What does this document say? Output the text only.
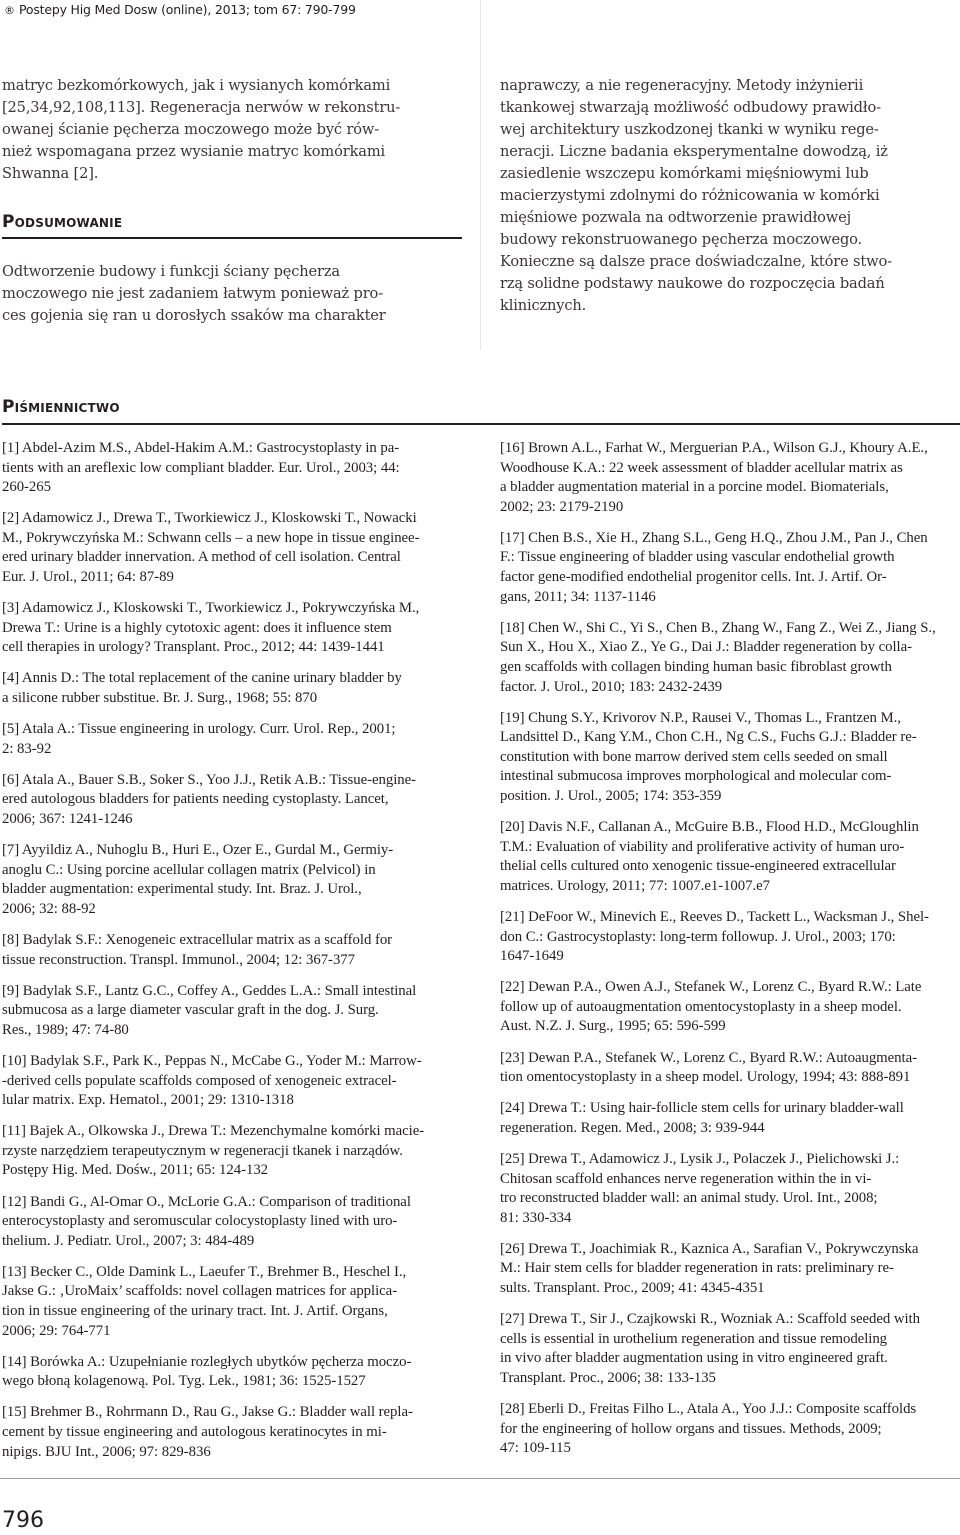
® Postepy Hig Med Dosw (online), 2013; tom 67: 790-799
matryc bezkomórkowych, jak i wysianych komórkami
[25,34,92,108,113]. Regeneracja nerwów w rekonstru-
owanej ścianie pęcherza moczowego może być rów-
nież wspomagana przez wysianie matryc komórkami
Shwanna [2].
Podsumowanie
Odtworzenie budowy i funkcji ściany pęcherza
moczowego nie jest zadaniem łatwym ponieważ pro-
ces gojenia się ran u dorosłych ssaków ma charakter
naprawczy, a nie regeneracyjny. Metody inżynierii
tkankowej stwarzają możliwość odbudowy prawidło-
wej architektury uszkodzonej tkanki w wyniku rege-
neracji. Liczne badania eksperymentalne dowodzą, iż
zasiedlenie wszczepu komórkami mięśniowymi lub
macierzystymi zdolnymi do różnicowania w komórki
mięśniowe pozwala na odtworzenie prawidłowej
budowy rekonstruowanego pęcherza moczowego.
Konieczne są dalsze prace doświadczalne, które stwo-
rzą solidne podstawy naukowe do rozpoczęcia badań
klinicznych.
Piśmiennictwo
[1] Abdel-Azim M.S., Abdel-Hakim A.M.: Gastrocystoplasty in pa-
tients with an areflexic low compliant bladder. Eur. Urol., 2003; 44:
260-265
[2] Adamowicz J., Drewa T., Tworkiewicz J., Kloskowski T., Nowacki
M., Pokrywczyńska M.: Schwann cells – a new hope in tissue enginee-
ered urinary bladder innervation. A method of cell isolation. Central
Eur. J. Urol., 2011; 64: 87-89
[3] Adamowicz J., Kloskowski T., Tworkiewicz J., Pokrywczyńska M.,
Drewa T.: Urine is a highly cytotoxic agent: does it influence stem
cell therapies in urology? Transplant. Proc., 2012; 44: 1439-1441
[4] Annis D.: The total replacement of the canine urinary bladder by
a silicone rubber substitue. Br. J. Surg., 1968; 55: 870
[5] Atala A.: Tissue engineering in urology. Curr. Urol. Rep., 2001;
2: 83-92
[6] Atala A., Bauer S.B., Soker S., Yoo J.J., Retik A.B.: Tissue-engine-
ered autologous bladders for patients needing cystoplasty. Lancet,
2006; 367: 1241-1246
[7] Ayyildiz A., Nuhoglu B., Huri E., Ozer E., Gurdal M., Germiy-
anoglu C.: Using porcine acellular collagen matrix (Pelvicol) in
bladder augmentation: experimental study. Int. Braz. J. Urol.,
2006; 32: 88-92
[8] Badylak S.F.: Xenogeneic extracellular matrix as a scaffold for
tissue reconstruction. Transpl. Immunol., 2004; 12: 367-377
[9] Badylak S.F., Lantz G.C., Coffey A., Geddes L.A.: Small intestinal
submucosa as a large diameter vascular graft in the dog. J. Surg.
Res., 1989; 47: 74-80
[10] Badylak S.F., Park K., Peppas N., McCabe G., Yoder M.: Marrow-
-derived cells populate scaffolds composed of xenogeneic extracel-
lular matrix. Exp. Hematol., 2001; 29: 1310-1318
[11] Bajek A., Olkowska J., Drewa T.: Mezenchymalne komórki macie-
rzyste narzędziem terapeutycznym w regeneracji tkanek i narządów.
Postępy Hig. Med. Dośw., 2011; 65: 124-132
[12] Bandi G., Al-Omar O., McLorie G.A.: Comparison of traditional
enterocystoplasty and seromuscular colocystoplasty lined with uro-
thelium. J. Pediatr. Urol., 2007; 3: 484-489
[13] Becker C., Olde Damink L., Laeufer T., Brehmer B., Heschel I.,
Jakse G.: ‚UroMaix’ scaffolds: novel collagen matrices for applica-
tion in tissue engineering of the urinary tract. Int. J. Artif. Organs,
2006; 29: 764-771
[14] Borówka A.: Uzupełnianie rozległych ubytków pęcherza moczo-
wego błoną kolagenową. Pol. Tyg. Lek., 1981; 36: 1525-1527
[15] Brehmer B., Rohrmann D., Rau G., Jakse G.: Bladder wall repla-
cement by tissue engineering and autologous keratinocytes in mi-
nipigs. BJU Int., 2006; 97: 829-836
[16] Brown A.L., Farhat W., Merguerian P.A., Wilson G.J., Khoury A.E.,
Woodhouse K.A.: 22 week assessment of bladder acellular matrix as
a bladder augmentation material in a porcine model. Biomaterials,
2002; 23: 2179-2190
[17] Chen B.S., Xie H., Zhang S.L., Geng H.Q., Zhou J.M., Pan J., Chen
F.: Tissue engineering of bladder using vascular endothelial growth
factor gene-modified endothelial progenitor cells. Int. J. Artif. Or-
gans, 2011; 34: 1137-1146
[18] Chen W., Shi C., Yi S., Chen B., Zhang W., Fang Z., Wei Z., Jiang S.,
Sun X., Hou X., Xiao Z., Ye G., Dai J.: Bladder regeneration by colla-
gen scaffolds with collagen binding human basic fibroblast growth
factor. J. Urol., 2010; 183: 2432-2439
[19] Chung S.Y., Krivorov N.P., Rausei V., Thomas L., Frantzen M.,
Landsittel D., Kang Y.M., Chon C.H., Ng C.S., Fuchs G.J.: Bladder re-
constitution with bone marrow derived stem cells seeded on small
intestinal submucosa improves morphological and molecular com-
position. J. Urol., 2005; 174: 353-359
[20] Davis N.F., Callanan A., McGuire B.B., Flood H.D., McGloughlin
T.M.: Evaluation of viability and proliferative activity of human uro-
thelial cells cultured onto xenogenic tissue-engineered extracellular
matrices. Urology, 2011; 77: 1007.e1-1007.e7
[21] DeFoor W., Minevich E., Reeves D., Tackett L., Wacksman J., Shel-
don C.: Gastrocystoplasty: long-term followup. J. Urol., 2003; 170:
1647-1649
[22] Dewan P.A., Owen A.J., Stefanek W., Lorenz C., Byard R.W.: Late
follow up of autoaugmentation omentocystoplasty in a sheep model.
Aust. N.Z. J. Surg., 1995; 65: 596-599
[23] Dewan P.A., Stefanek W., Lorenz C., Byard R.W.: Autoaugmenta-
tion omentocystoplasty in a sheep model. Urology, 1994; 43: 888-891
[24] Drewa T.: Using hair-follicle stem cells for urinary bladder-wall
regeneration. Regen. Med., 2008; 3: 939-944
[25] Drewa T., Adamowicz J., Lysik J., Polaczek J., Pielichowski J.:
Chitosan scaffold enhances nerve regeneration within the in vi-
tro reconstructed bladder wall: an animal study. Urol. Int., 2008;
81: 330-334
[26] Drewa T., Joachimiak R., Kaznica A., Sarafian V., Pokrywczynska
M.: Hair stem cells for bladder regeneration in rats: preliminary re-
sults. Transplant. Proc., 2009; 41: 4345-4351
[27] Drewa T., Sir J., Czajkowski R., Wozniak A.: Scaffold seeded with
cells is essential in urothelium regeneration and tissue remodeling
in vivo after bladder augmentation using in vitro engineered graft.
Transplant. Proc., 2006; 38: 133-135
[28] Eberli D., Freitas Filho L., Atala A., Yoo J.J.: Composite scaffolds
for the engineering of hollow organs and tissues. Methods, 2009;
47: 109-115
796
